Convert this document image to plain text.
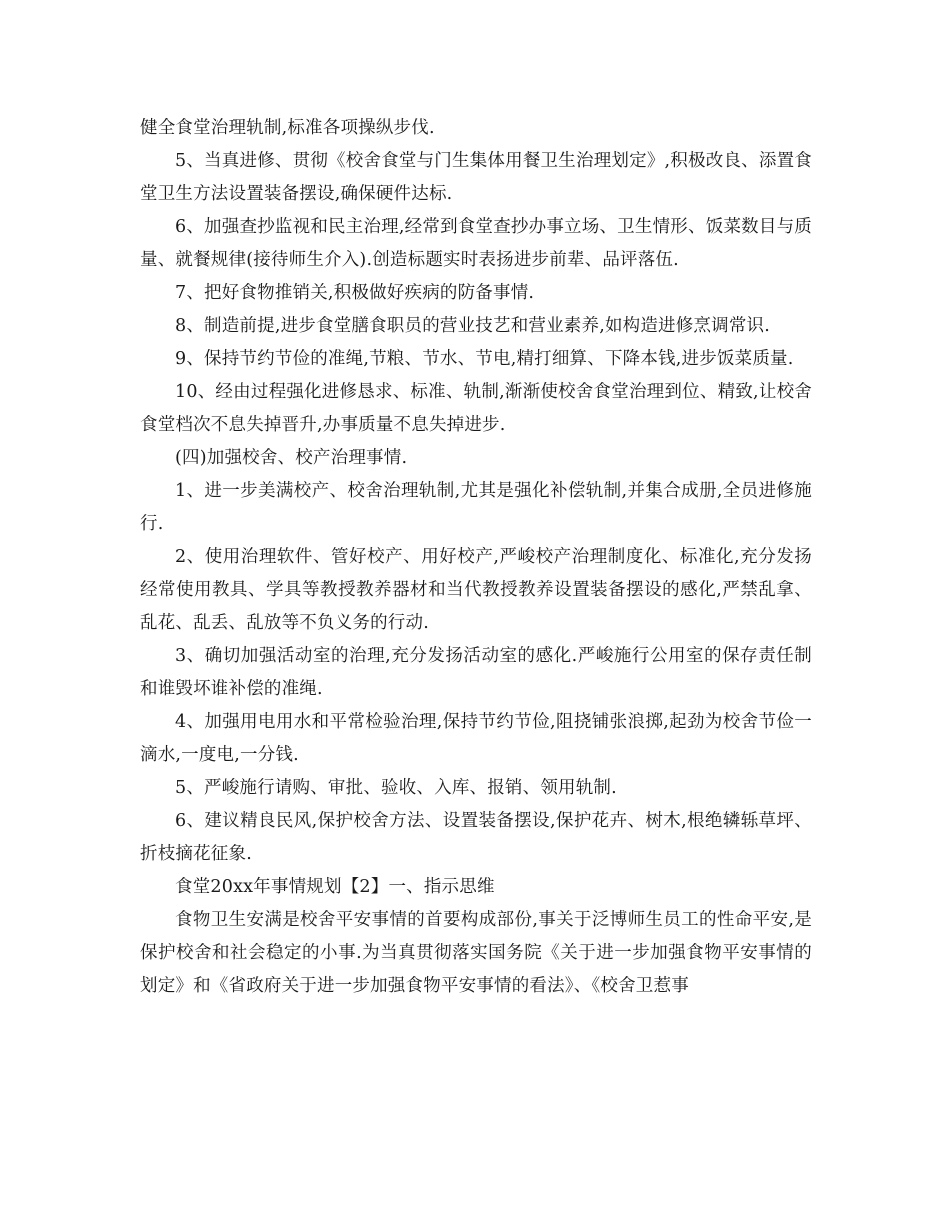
健全食堂治理轨制,标准各项操纵步伐.

5、当真进修、贯彻《校舍食堂与门生集体用餐卫生治理划定》,积极改良、添置食堂卫生方法设置装备摆设,确保硬件达标.

6、加强查抄监视和民主治理,经常到食堂查抄办事立场、卫生情形、饭菜数目与质量、就餐规律(接待师生介入).创造标题实时表扬进步前辈、品评落伍.

7、把好食物推销关,积极做好疾病的防备事情.

8、制造前提,进步食堂膳食职员的营业技艺和营业素养,如构造进修烹调常识.

9、保持节约节俭的准绳,节粮、节水、节电,精打细算、下降本钱,进步饭菜质量.

10、经由过程强化进修恳求、标准、轨制,渐渐使校舍食堂治理到位、精致,让校舍食堂档次不息失掉晋升,办事质量不息失掉进步.

(四)加强校舍、校产治理事情.

1、进一步美满校产、校舍治理轨制,尤其是强化补偿轨制,并集合成册,全员进修施行.

2、使用治理软件、管好校产、用好校产,严峻校产治理制度化、标准化,充分发扬经常使用教具、学具等教授教养器材和当代教授教养设置装备摆设的感化,严禁乱拿、乱花、乱丢、乱放等不负义务的行动.

3、确切加强活动室的治理,充分发扬活动室的感化.严峻施行公用室的保存责任制和谁毁坏谁补偿的准绳.

4、加强用电用水和平常检验治理,保持节约节俭,阻挠铺张浪掷,起劲为校舍节俭一滴水,一度电,一分钱.

5、严峻施行请购、审批、验收、入库、报销、领用轨制.

6、建议精良民风,保护校舍方法、设置装备摆设,保护花卉、树木,根绝辚轹草坪、折枝摘花征象.

食堂20xx年事情规划【2】一、指示思维

食物卫生安满是校舍平安事情的首要构成部份,事关于泛博师生员工的性命平安,是保护校舍和社会稳定的小事.为当真贯彻落实国务院《关于进一步加强食物平安事情的划定》和《省政府关于进一步加强食物平安事情的看法》、《校舍卫惹事
